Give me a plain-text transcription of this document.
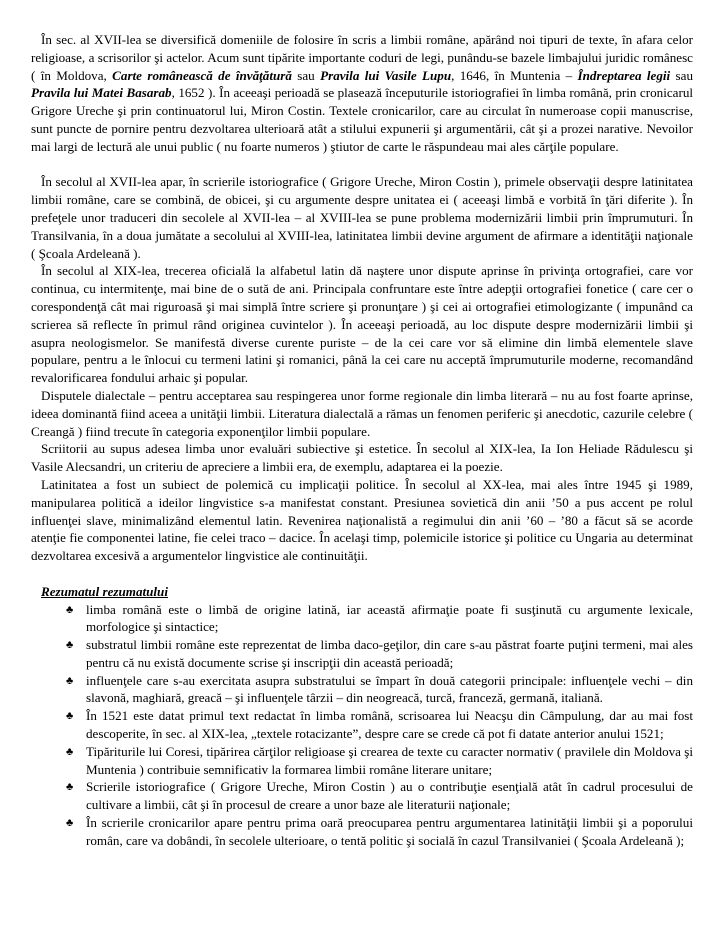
În sec. al XVII-lea se diversifică domeniile de folosire în scris a limbii române, apărând noi tipuri de texte, în afara celor religioase, a scrisorilor şi actelor. Acum sunt tipărite importante coduri de legi, punându-se bazele limbajului juridic românesc ( în Moldova, Carte românească de învăţătură sau Pravila lui Vasile Lupu, 1646, în Muntenia – Îndreptarea legii sau Pravila lui Matei Basarab, 1652 ). În aceeaşi perioadă se plasează începuturile istoriografiei în limba română, prin cronicarul Grigore Ureche şi prin continuatorul lui, Miron Costin. Textele cronicarilor, care au circulat în numeroase copii manuscrise, sunt puncte de pornire pentru dezvoltarea ulterioară atât a stilului expunerii şi argumentării, cât şi a prozei narative. Nevoilor mai largi de lectură ale unui public ( nu foarte numeros ) ştiutor de carte le răspundeau mai ales cărţile populare.

În secolul al XVII-lea apar, în scrierile istoriografice ( Grigore Ureche, Miron Costin ), primele observaţii despre latinitatea limbii române, care se combină, de obicei, şi cu argumente despre unitatea ei ( aceeaşi limbă e vorbită în ţări diferite ). În prefeţele unor traduceri din secolele al XVII-lea – al XVIII-lea se pune problema modernizării limbii prin împrumuturi. În Transilvania, în a doua jumătate a secolului al XVIII-lea, latinitatea limbii devine argument de afirmare a identităţii naţionale ( Şcoala Ardeleană ).

În secolul al XIX-lea, trecerea oficială la alfabetul latin dă naştere unor dispute aprinse în privinţa ortografiei, care vor continua, cu intermitenţe, mai bine de o sută de ani. Principala confruntare este între adepţii ortografiei fonetice ( care cer o corespondenţă cât mai riguroasă şi mai simplă între scriere şi pronunţare ) şi cei ai ortografiei etimologizante ( impunând ca scrierea să reflecte în primul rând originea cuvintelor ). În aceeaşi perioadă, au loc dispute despre modernizării limbii şi asupra neologismelor. Se manifestă diverse curente puriste – de la cei care vor să elimine din limbă elementele slave populare, pentru a le înlocui cu termeni latini şi romanici, până la cei care nu acceptă împrumuturile moderne, recomandând revalorificarea fondului arhaic şi popular.

Disputele dialectale – pentru acceptarea sau respingerea unor forme regionale din limba literară – nu au fost foarte aprinse, ideea dominantă fiind aceea a unităţii limbii. Literatura dialectală a rămas un fenomen periferic şi anecdotic, cazurile celebre ( Creangă ) fiind trecute în categoria exponenţilor limbii populare.

Scriitorii au supus adesea limba unor evaluări subiective şi estetice. În secolul al XIX-lea, Ia Ion Heliade Rădulescu şi Vasile Alecsandri, un criteriu de apreciere a limbii era, de exemplu, adaptarea ei la poezie.

Latinitatea a fost un subiect de polemică cu implicaţii politice. În secolul al XX-lea, mai ales între 1945 şi 1989, manipularea politică a ideilor lingvistice s-a manifestat constant. Presiunea sovietică din anii ’50 a pus accent pe rolul influenţei slave, minimalizând elementul latin. Revenirea naţionalistă a regimului din anii ’60 – ’80 a făcut să se acorde atenţie fie componentei latine, fie celei traco – dacice. În acelaşi timp, polemicile istorice şi politice cu Ungaria au determinat dezvoltarea excesivă a argumentelor lingvistice ale continuităţii.

Rezumatul rezumatului
♣ limba română este o limbă de origine latină, iar această afirmaţie poate fi susţinută cu argumente lexicale, morfologice şi sintactice;
♣ substratul limbii române este reprezentat de limba daco-geţilor, din care s-au păstrat foarte puţini termeni, mai ales pentru că nu există documente scrise şi inscripţii din această perioadă;
♣ influenţele care s-au exercitata asupra substratului se împart în două categorii principale: influenţele vechi – din slavonă, maghiară, greacă – şi influenţele târzii – din neogreacă, turcă, franceză, germană, italiană.
♣ În 1521 este datat primul text redactat în limba română, scrisoarea lui Neacşu din Câmpulung, dar au mai fost descoperite, în sec. al XIX-lea, „textele rotacizante”, despre care se crede că pot fi datate anterior anului 1521;
♣ Tipăriturile lui Coresi, tipărirea cărţilor religioase şi crearea de texte cu caracter normativ ( pravilele din Moldova şi Muntenia ) contribuie semnificativ la formarea limbii române literare unitare;
♣ Scrierile istoriografice ( Grigore Ureche, Miron Costin ) au o contribuţie esenţială atât în cadrul procesului de cultivare a limbii, cât şi în procesul de creare a unor baze ale literaturii naţionale;
♣ În scrierile cronicarilor apare pentru prima oară preocuparea pentru argumentarea latinităţii limbii şi a poporului român, care va dobândi, în secolele ulterioare, o tentă politic şi socială în cazul Transilvaniei ( Şcoala Ardeleană );
